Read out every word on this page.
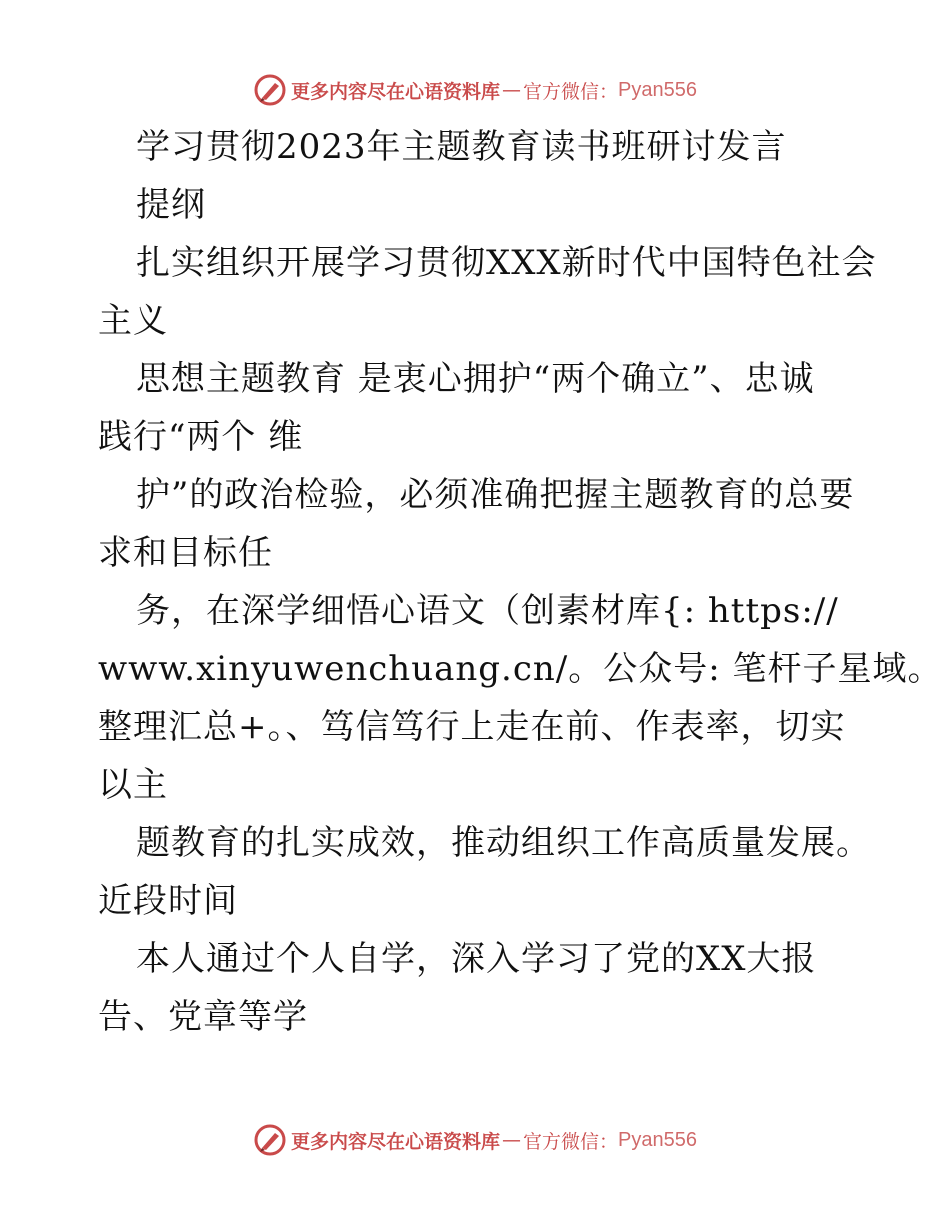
更多内容尽在心语资料库 — 官方微信： Pyan556
学习贯彻2023年主题教育读书班研讨发言
提纲
扎实组织开展学习贯彻XXX新时代中国特色社会
主义
思想主题教育 是衷心拥护“两个确立”、忠诚
践行“两个 维
护”的政治检验，必须准确把握主题教育的总要
求和目标任
务，在深学细悟心语文（创素材库{: https://
www.xinyuwenchuang.cn/。公众号: 笔杆子星域。
整理汇总+。、笃信笃行上走在前、作表率，切实
以主
题教育的扎实成效，推动组织工作高质量发展。
近段时间
本人通过个人自学，深入学习了党的XX大报
告、党章等学
更多内容尽在心语资料库 — 官方微信： Pyan556
